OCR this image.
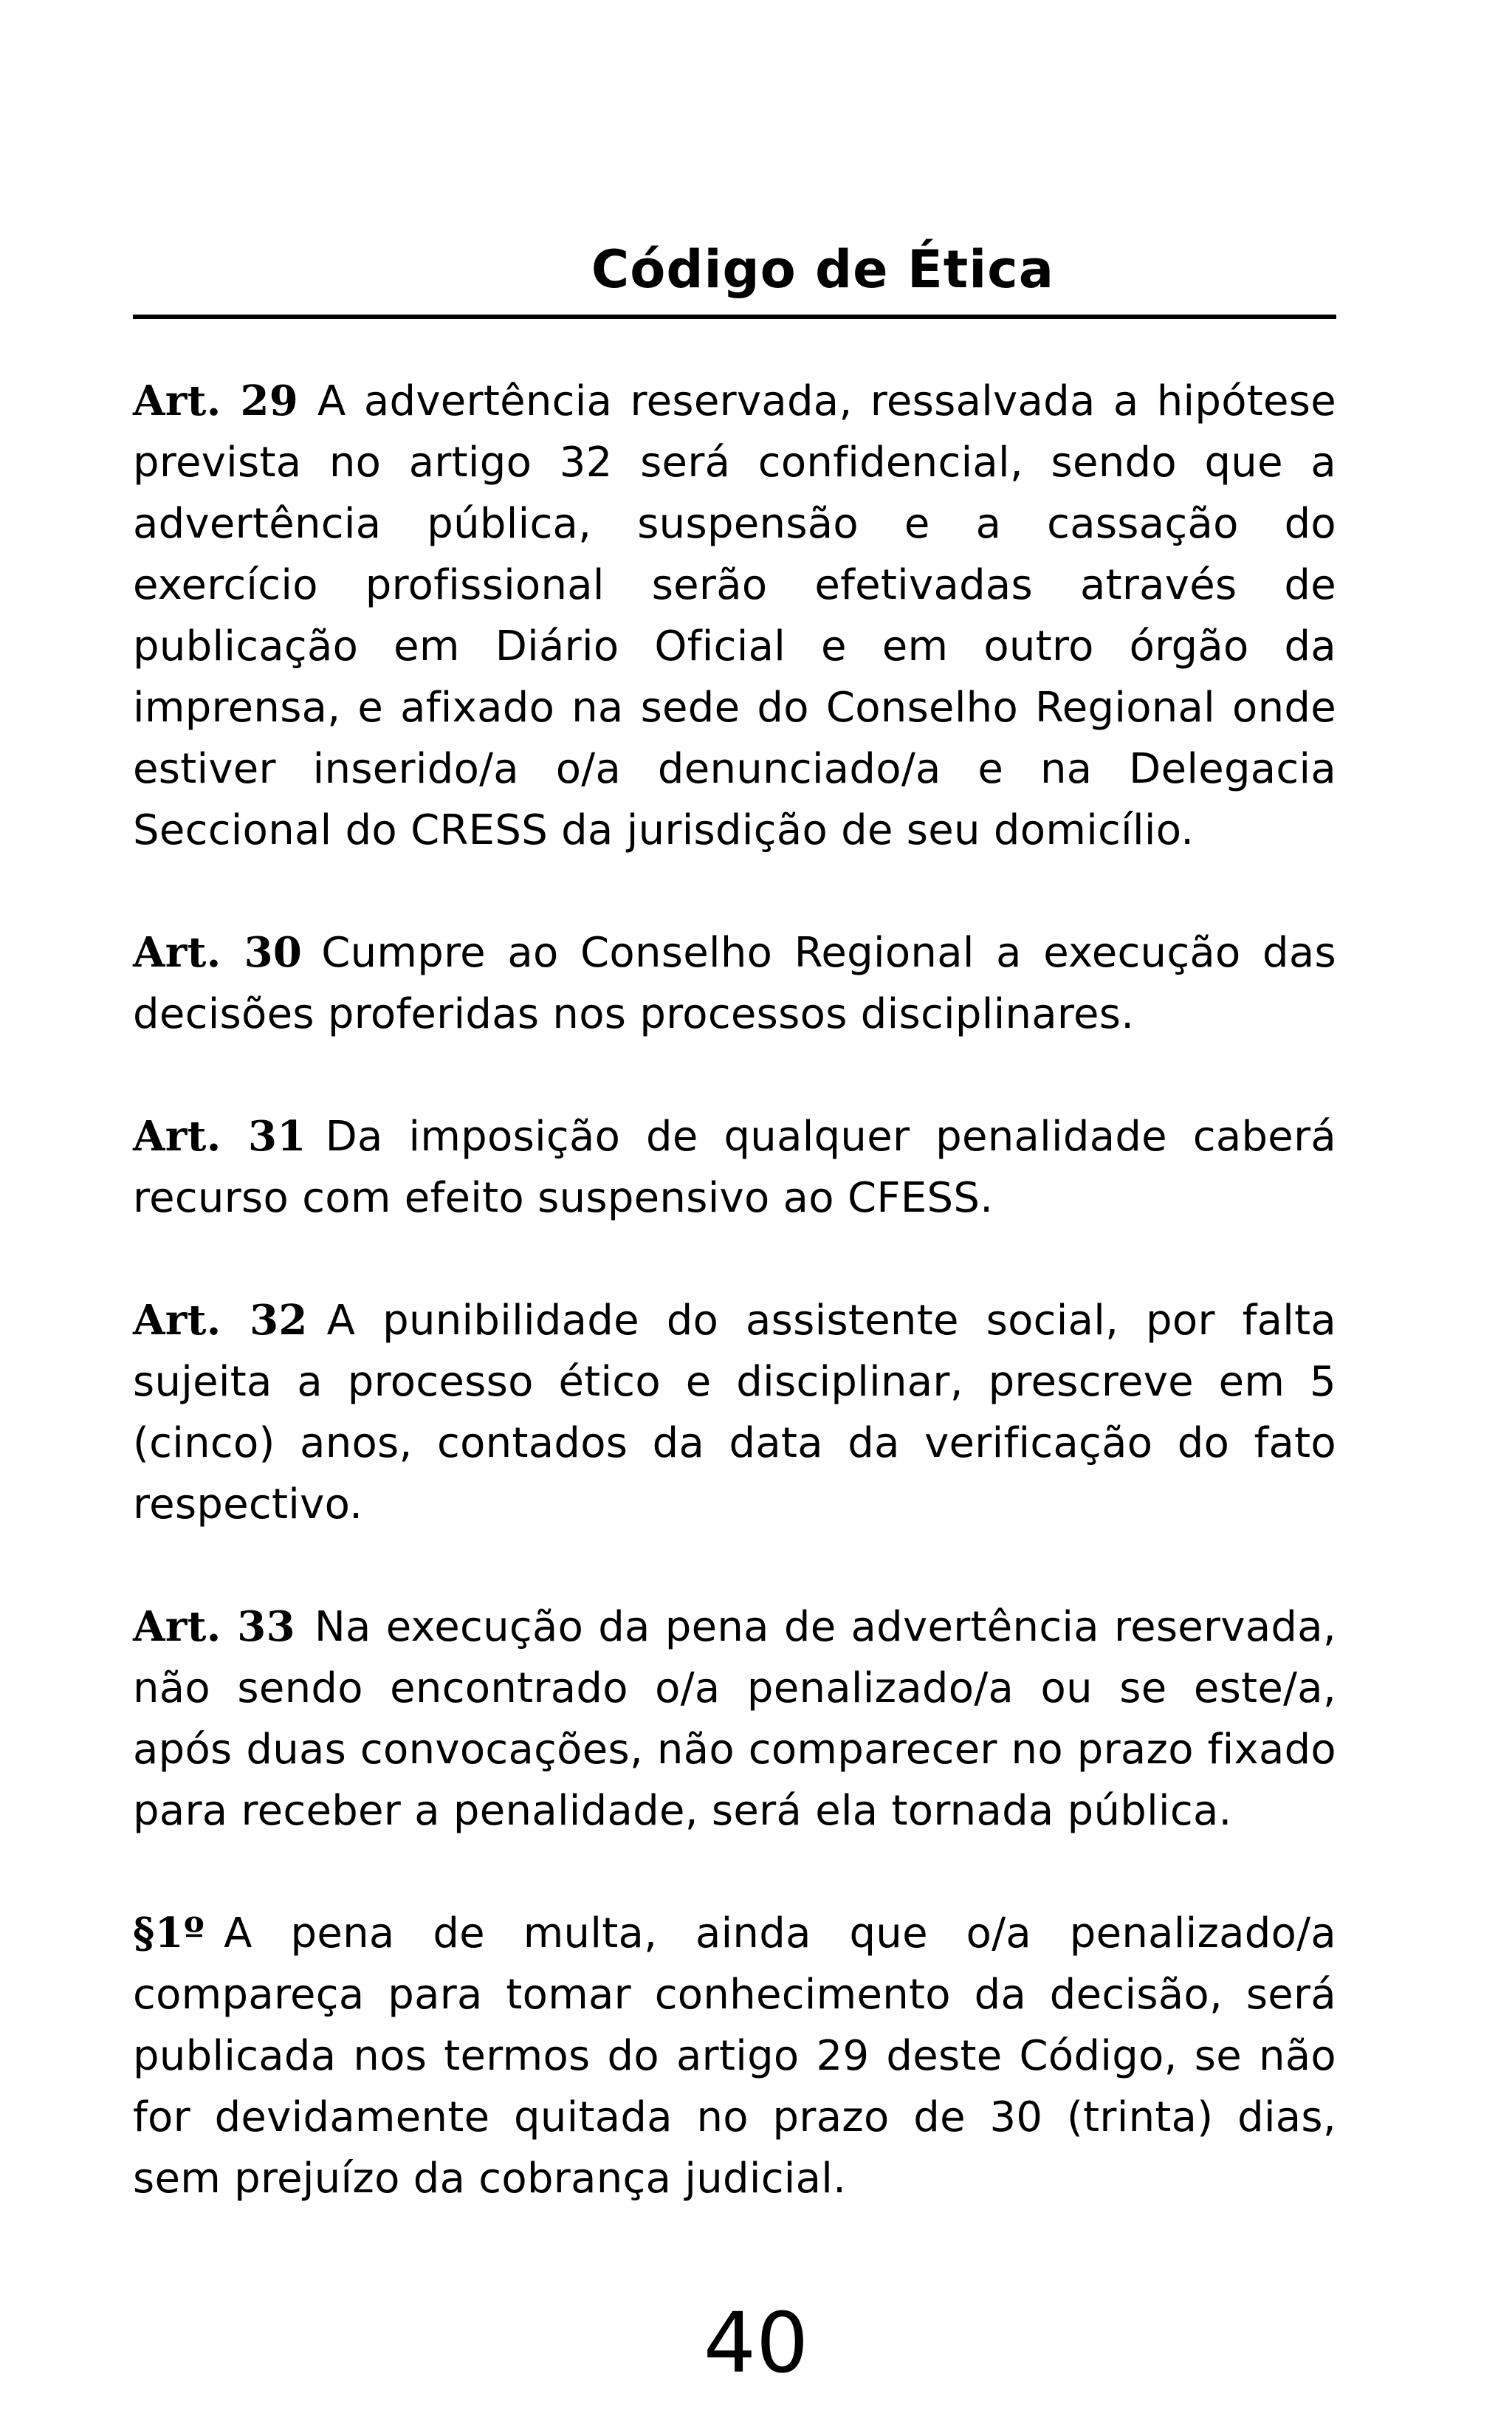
Código de Ética

Art. 29 A advertência reservada, ressalvada a hipótese prevista no artigo 32 será confidencial, sendo que a advertência pública, suspensão e a cassação do exercício profissional serão efetivadas através de publicação em Diário Oficial e em outro órgão da imprensa, e afixado na sede do Conselho Regional onde estiver inserido/a o/a denunciado/a e na Delegacia Seccional do CRESS da jurisdição de seu domicílio.

Art. 30 Cumpre ao Conselho Regional a execução das decisões proferidas nos processos disciplinares.

Art. 31 Da imposição de qualquer penalidade caberá recurso com efeito suspensivo ao CFESS.

Art. 32 A punibilidade do assistente social, por falta sujeita a processo ético e disciplinar, prescreve em 5 (cinco) anos, contados da data da verificação do fato respectivo.

Art. 33 Na execução da pena de advertência reservada, não sendo encontrado o/a penalizado/a ou se este/a, após duas convocações, não comparecer no prazo fixado para receber a penalidade, será ela tornada pública.

§1º A pena de multa, ainda que o/a penalizado/a compareça para tomar conhecimento da decisão, será publicada nos termos do artigo 29 deste Código, se não for devidamente quitada no prazo de 30 (trinta) dias, sem prejuízo da cobrança judicial.

40
